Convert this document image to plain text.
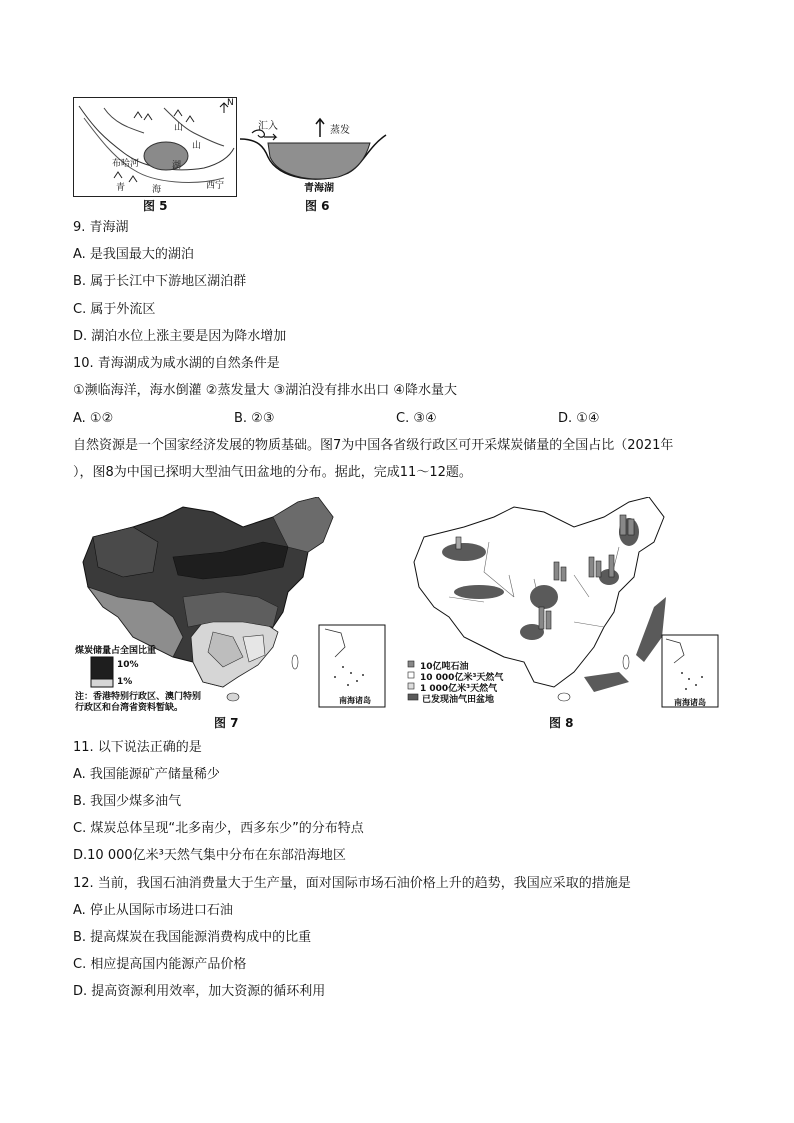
N
山
山
布哈河	湖
青	海	西宁
图 5
汇入	蒸发
青海湖
图 6
9. 青海湖
A. 是我国最大的湖泊
B. 属于长江中下游地区湖泊群
C. 属于外流区
D. 湖泊水位上涨主要是因为降水增加
10. 青海湖成为咸水湖的自然条件是
①濒临海洋，海水倒灌 ②蒸发量大 ③湖泊没有排水出口 ④降水量大
A. ①②	B. ②③	C. ③④	D. ①④
自然资源是一个国家经济发展的物质基础。图7为中国各省级行政区可开采煤炭储量的全国占比（2021年
），图8为中国已探明大型油气田盆地的分布。据此，完成11～12题。
煤炭储量占全国比重
10%
1%
注：香港特别行政区、澳门特别
行政区和台湾省资料暂缺。
南海诸岛
图 7
10亿吨石油
10 000亿米³天然气
1 000亿米³天然气
已发现油气田盆地	南海诸岛
图 8
11. 以下说法正确的是
A. 我国能源矿产储量稀少
B. 我国少煤多油气
C. 煤炭总体呈现“北多南少，西多东少”的分布特点
D.10 000亿米³天然气集中分布在东部沿海地区
12. 当前，我国石油消费量大于生产量，面对国际市场石油价格上升的趋势，我国应采取的措施是
A. 停止从国际市场进口石油
B. 提高煤炭在我国能源消费构成中的比重
C. 相应提高国内能源产品价格
D. 提高资源利用效率，加大资源的循环利用
